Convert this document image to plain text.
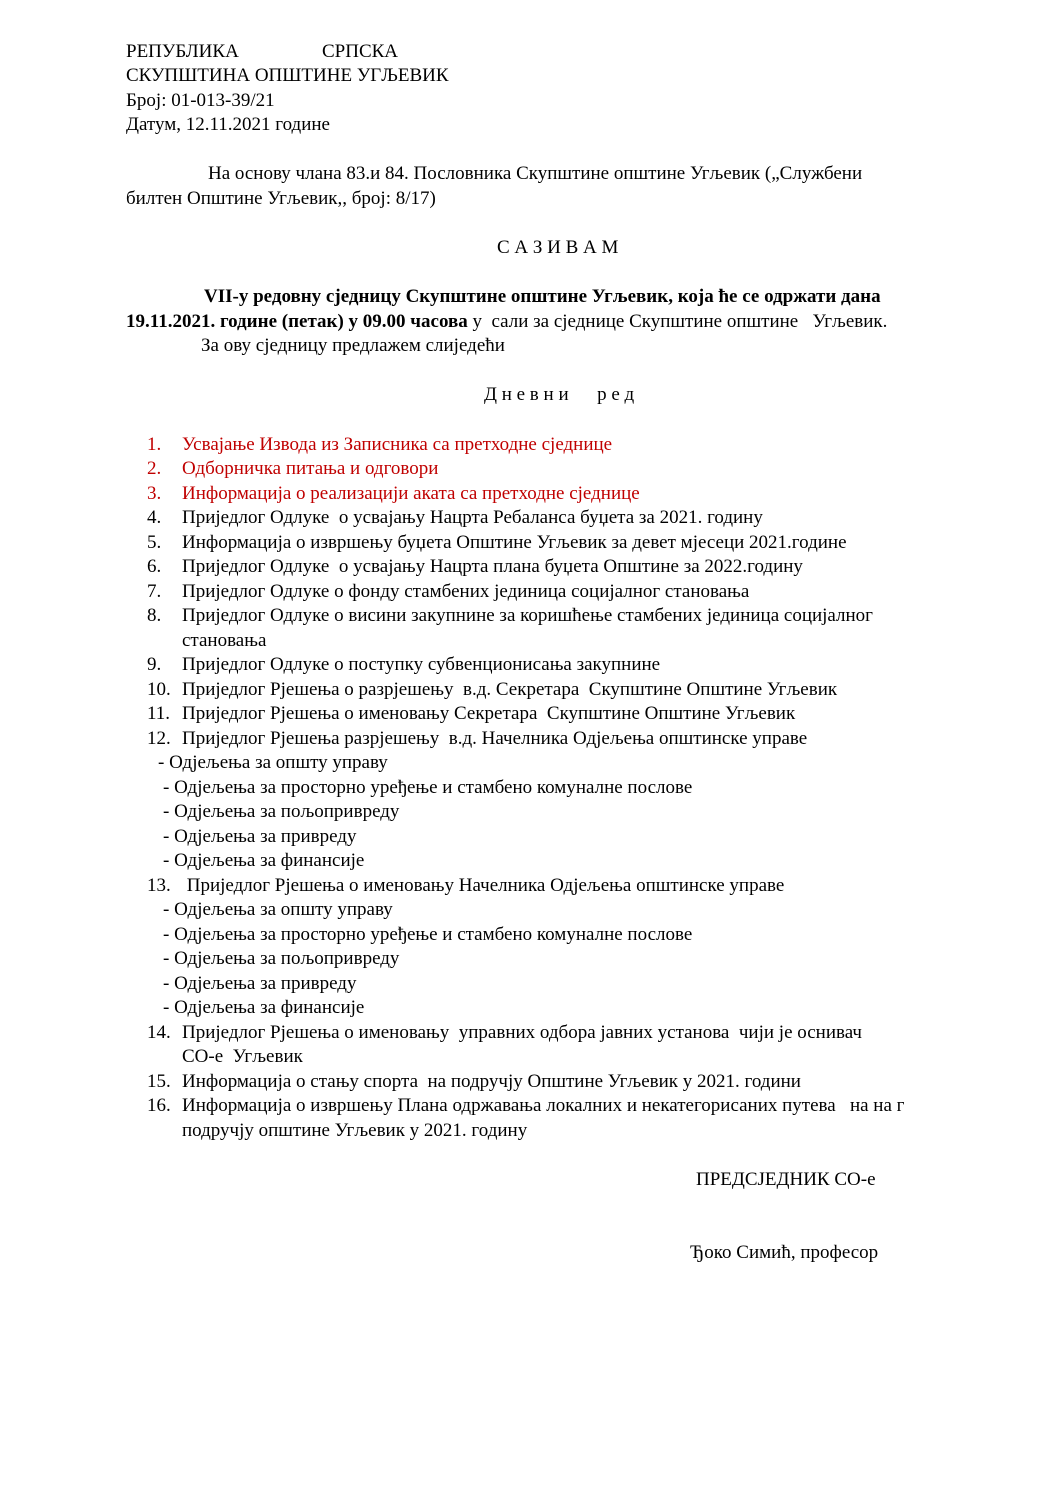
РЕПУБЛИКА	СРПСКА
СКУПШТИНА ОПШТИНЕ УГЉЕВИК
Број: 01-013-39/21
Датум, 12.11.2021 године
На основу члана 83.и 84. Пословника Скупштине општине Угљевик („Службени
билтен Општине Угљевик,, број: 8/17)
С А З И В А М
VII-у редовну сједницу Скупштине општине Угљевик, која ће се одржати дана
19.11.2021. године (петак) у 09.00 часова у  сали за сједнице Скупштине општине   Угљевик.
За ову сједницу предлажем слиједећи
Д н е в н и      р е д
1. Усвајање Извода из Записника са претходне сједнице
2. Одборничка питања и одговори
3. Информација о реализацији аката са претходне сједнице
4. Приједлог Одлуке  о усвајању Нацрта Ребаланса буџета за 2021. годину
5. Информација о извршењу буџета Општине Угљевик за девет мјесеци 2021.године
6. Приједлог Одлуке  о усвајању Нацрта плана буџета Општине за 2022.годину
7. Приједлог Одлуке о фонду стамбених јединица социјалног становања
8. Приједлог Одлуке о висини закупнине за коришћење стамбених јединица социјалног
становања
9. Приједлог Одлуке о поступку субвенционисања закупнине
10. Приједлог Рјешења о разрјешењу  в.д. Секретара  Скупштине Општине Угљевик
11. Приједлог Рјешења о именовању Секретара  Скупштине Општине Угљевик
12. Приједлог Рјешења разрјешењу  в.д. Начелника Одјељења општинске управе
- Одјељења за општу управу
- Одјељења за просторно уређење и стамбено комуналне послове
- Одјељења за пољопривреду
- Одјељења за привреду
- Одјељења за финансије
13. Приједлог Рјешења о именовању Начелника Одјељења општинске управе
- Одјељења за општу управу
- Одјељења за просторно уређење и стамбено комуналне послове
- Одјељења за пољопривреду
- Одјељења за привреду
- Одјељења за финансије
14. Приједлог Рјешења о именовању  управних одбора јавних установа  чији је оснивач
СО-е  Угљевик
15. Информација о стању спорта  на подручју Општине Угљевик у 2021. години
16. Информација о извршењу Плана одржавања локалних и некатегорисаних путева   на на г
подручју општине Угљевик у 2021. годину
ПРЕДСЈЕДНИК СО-е
Ђоко Симић, професор
